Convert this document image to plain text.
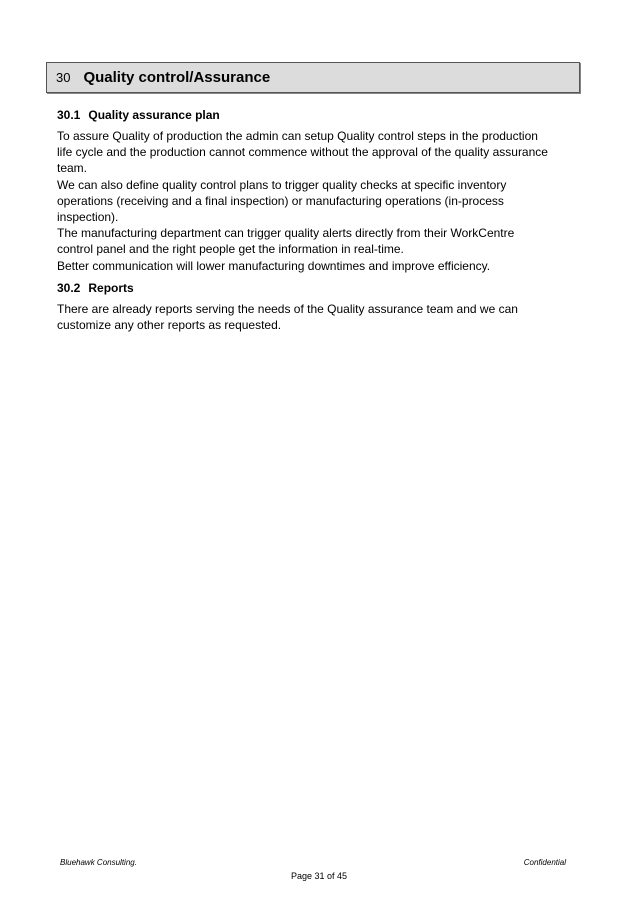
30 Quality control/Assurance
30.1 Quality assurance plan

To assure Quality of production the admin can setup Quality control steps in the production
life cycle and the production cannot commence without the approval of the quality assurance
team.
We can also define quality control plans to trigger quality checks at specific inventory
operations (receiving and a final inspection) or manufacturing operations (in-process
inspection).
The manufacturing department can trigger quality alerts directly from their WorkCentre
control panel and the right people get the information in real-time.
Better communication will lower manufacturing downtimes and improve efficiency.

30.2 Reports

There are already reports serving the needs of the Quality assurance team and we can
customize any other reports as requested.

Bluehawk Consulting.	Confidential
Page 31 of 45
